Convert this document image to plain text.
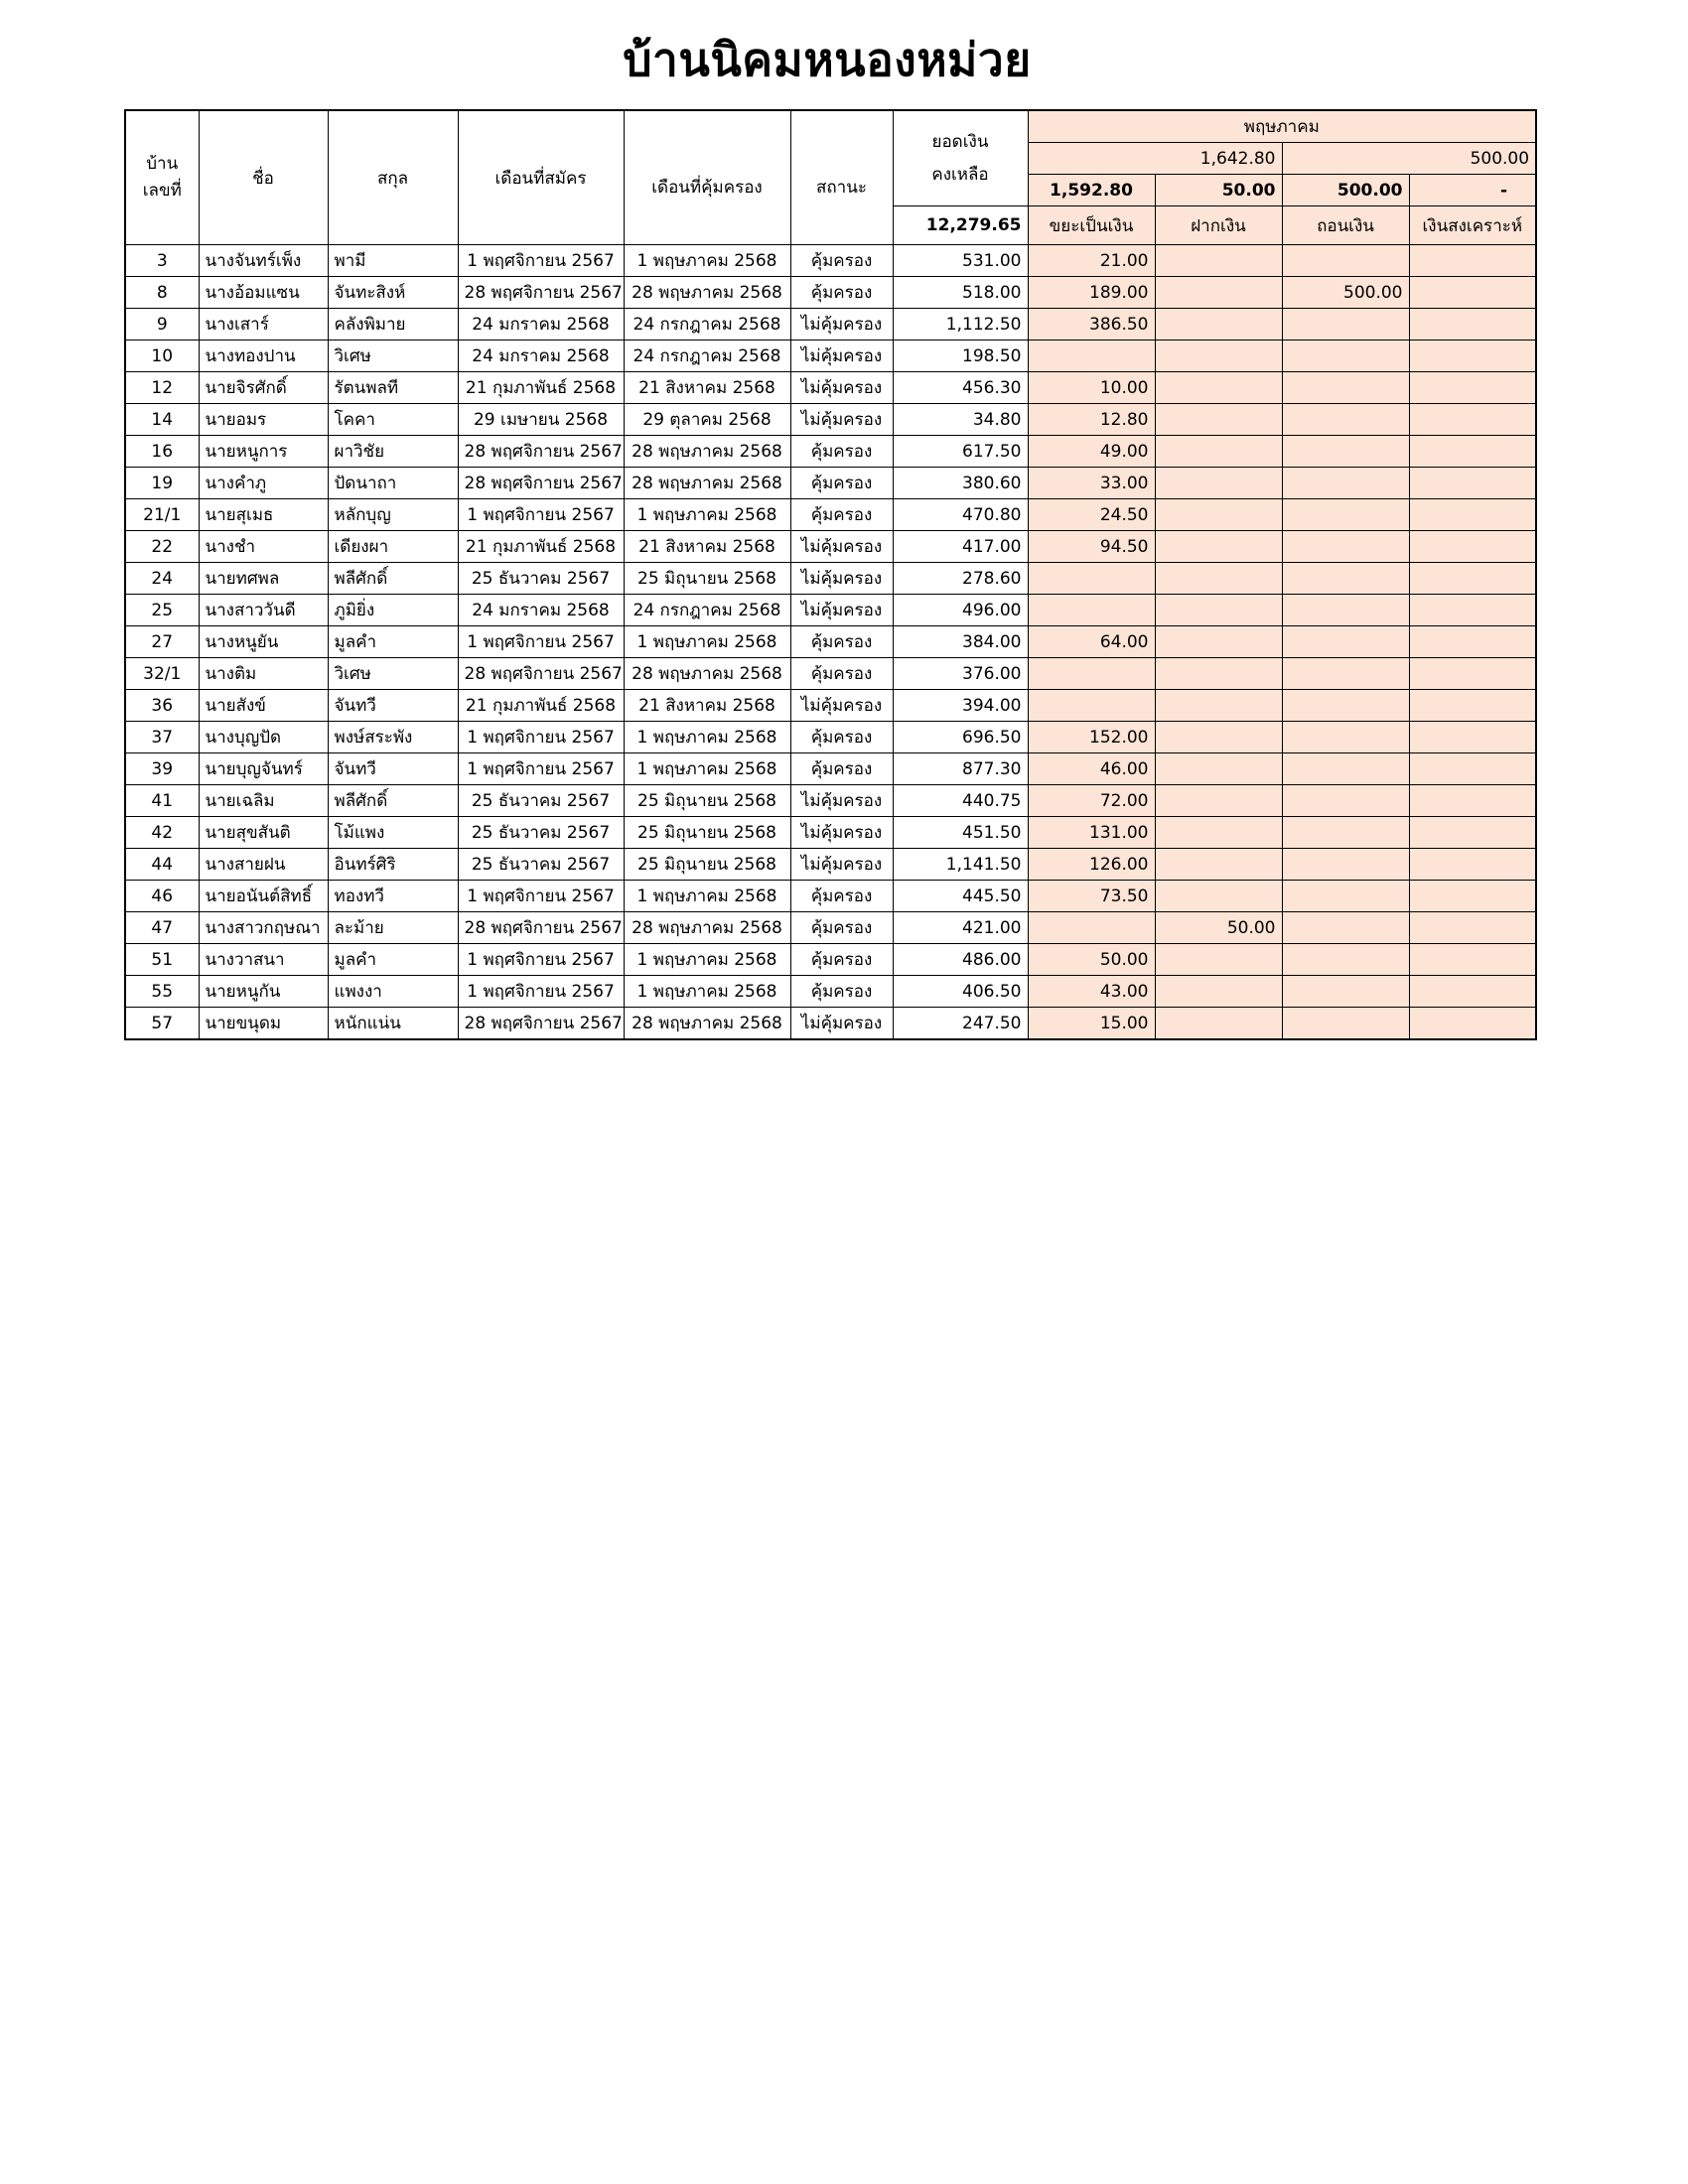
บ้านนิคมหนองหม่วย
บ้าน
เลขที่	ชื่อ	สกุล	เดือนที่สมัคร	เดือนที่คุ้มครอง	สถานะ	ยอดเงิน
คงเหลือ	พฤษภาคม			
							1,642.80		500.00	
							1,592.80	50.00	500.00	-
						12,279.65	ขยะเป็นเงิน	ฝากเงิน	ถอนเงิน	เงินสงเคราะห์
3	นางจันทร์เพ็ง	พามี	1 พฤศจิกายน 2567	1 พฤษภาคม 2568	คุ้มครอง	531.00	21.00			
8	นางอ้อมแซน	จันทะสิงห์	28 พฤศจิกายน 2567	28 พฤษภาคม 2568	คุ้มครอง	518.00	189.00		500.00	
9	นางเสาร์	คลังพิมาย	24 มกราคม 2568	24 กรกฎาคม 2568	ไม่คุ้มครอง	1,112.50	386.50			
10	นางทองปาน	วิเศษ	24 มกราคม 2568	24 กรกฎาคม 2568	ไม่คุ้มครอง	198.50				
12	นายจิรศักดิ์	รัตนพลที	21 กุมภาพันธ์ 2568	21 สิงหาคม 2568	ไม่คุ้มครอง	456.30	10.00			
14	นายอมร	โคคา	29 เมษายน 2568	29 ตุลาคม 2568	ไม่คุ้มครอง	34.80	12.80			
16	นายหนูการ	ผาวิชัย	28 พฤศจิกายน 2567	28 พฤษภาคม 2568	คุ้มครอง	617.50	49.00			
19	นางคำภู	ปัดนาถา	28 พฤศจิกายน 2567	28 พฤษภาคม 2568	คุ้มครอง	380.60	33.00			
21/1	นายสุเมธ	หลักบุญ	1 พฤศจิกายน 2567	1 พฤษภาคม 2568	คุ้มครอง	470.80	24.50			
22	นางชำ	เดียงผา	21 กุมภาพันธ์ 2568	21 สิงหาคม 2568	ไม่คุ้มครอง	417.00	94.50			
24	นายทศพล	พลีศักดิ์	25 ธันวาคม 2567	25 มิถุนายน 2568	ไม่คุ้มครอง	278.60				
25	นางสาววันดี	ภูมิยิ่ง	24 มกราคม 2568	24 กรกฎาคม 2568	ไม่คุ้มครอง	496.00				
27	นางหนูยัน	มูลคำ	1 พฤศจิกายน 2567	1 พฤษภาคม 2568	คุ้มครอง	384.00	64.00			
32/1	นางติม	วิเศษ	28 พฤศจิกายน 2567	28 พฤษภาคม 2568	คุ้มครอง	376.00				
36	นายสังข์	จันทวี	21 กุมภาพันธ์ 2568	21 สิงหาคม 2568	ไม่คุ้มครอง	394.00				
37	นางบุญปัด	พงษ์สระพัง	1 พฤศจิกายน 2567	1 พฤษภาคม 2568	คุ้มครอง	696.50	152.00			
39	นายบุญจันทร์	จันทวี	1 พฤศจิกายน 2567	1 พฤษภาคม 2568	คุ้มครอง	877.30	46.00			
41	นายเฉลิม	พลีศักดิ์	25 ธันวาคม 2567	25 มิถุนายน 2568	ไม่คุ้มครอง	440.75	72.00			
42	นายสุขสันติ	โม้แพง	25 ธันวาคม 2567	25 มิถุนายน 2568	ไม่คุ้มครอง	451.50	131.00			
44	นางสายฝน	อินทร์ศิริ	25 ธันวาคม 2567	25 มิถุนายน 2568	ไม่คุ้มครอง	1,141.50	126.00			
46	นายอนันต์สิทธิ์	ทองทวี	1 พฤศจิกายน 2567	1 พฤษภาคม 2568	คุ้มครอง	445.50	73.50			
47	นางสาวกฤษณา	ละม้าย	28 พฤศจิกายน 2567	28 พฤษภาคม 2568	คุ้มครอง	421.00		50.00		
51	นางวาสนา	มูลคำ	1 พฤศจิกายน 2567	1 พฤษภาคม 2568	คุ้มครอง	486.00	50.00			
55	นายหนูกัน	แพงงา	1 พฤศจิกายน 2567	1 พฤษภาคม 2568	คุ้มครอง	406.50	43.00			
57	นายขนุดม	หนักแน่น	28 พฤศจิกายน 2567	28 พฤษภาคม 2568	ไม่คุ้มครอง	247.50	15.00			
